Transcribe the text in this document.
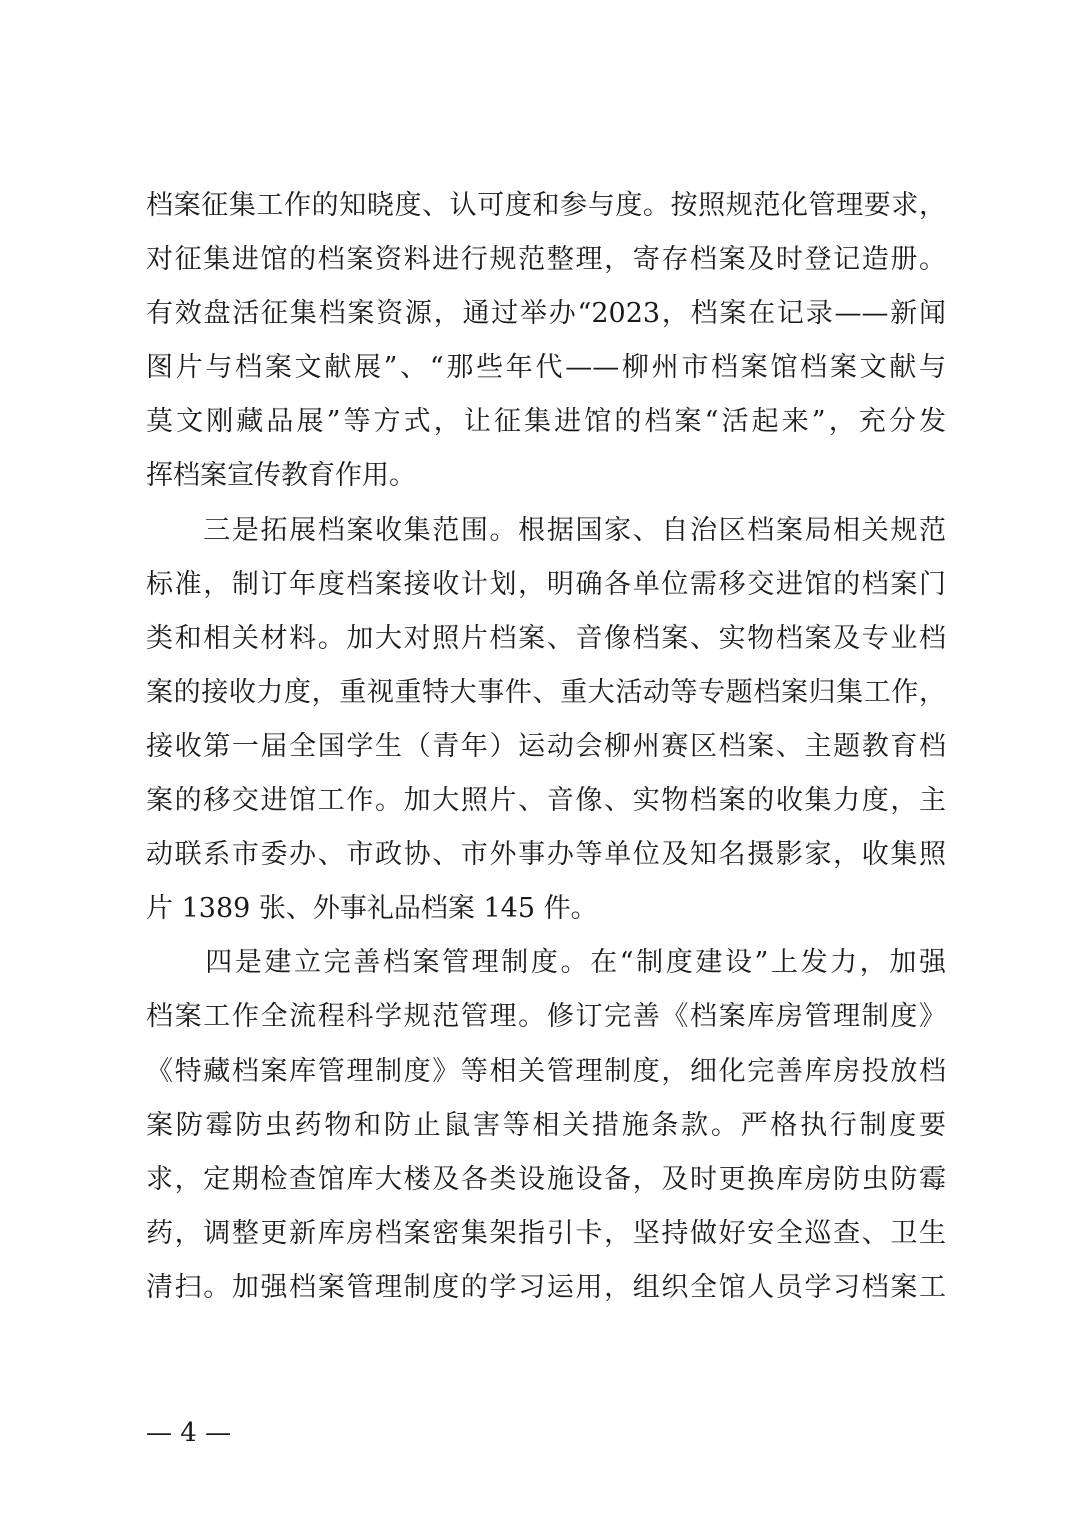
档案征集工作的知晓度、认可度和参与度。按照规范化管理要求，
对征集进馆的档案资料进行规范整理，寄存档案及时登记造册。
有效盘活征集档案资源，通过举办“2023，档案在记录——新闻
图片与档案文献展”、“那些年代——柳州市档案馆档案文献与
莫文刚藏品展”等方式，让征集进馆的档案“活起来”，充分发
挥档案宣传教育作用。
　　三是拓展档案收集范围。根据国家、自治区档案局相关规范
标准，制订年度档案接收计划，明确各单位需移交进馆的档案门
类和相关材料。加大对照片档案、音像档案、实物档案及专业档
案的接收力度，重视重特大事件、重大活动等专题档案归集工作，
接收第一届全国学生（青年）运动会柳州赛区档案、主题教育档
案的移交进馆工作。加大照片、音像、实物档案的收集力度，主
动联系市委办、市政协、市外事办等单位及知名摄影家，收集照
片 1389 张、外事礼品档案 145 件。
　　四是建立完善档案管理制度。在“制度建设”上发力，加强
档案工作全流程科学规范管理。修订完善《档案库房管理制度》
《特藏档案库管理制度》等相关管理制度，细化完善库房投放档
案防霉防虫药物和防止鼠害等相关措施条款。严格执行制度要
求，定期检查馆库大楼及各类设施设备，及时更换库房防虫防霉
药，调整更新库房档案密集架指引卡，坚持做好安全巡查、卫生
清扫。加强档案管理制度的学习运用，组织全馆人员学习档案工
— 4 —
